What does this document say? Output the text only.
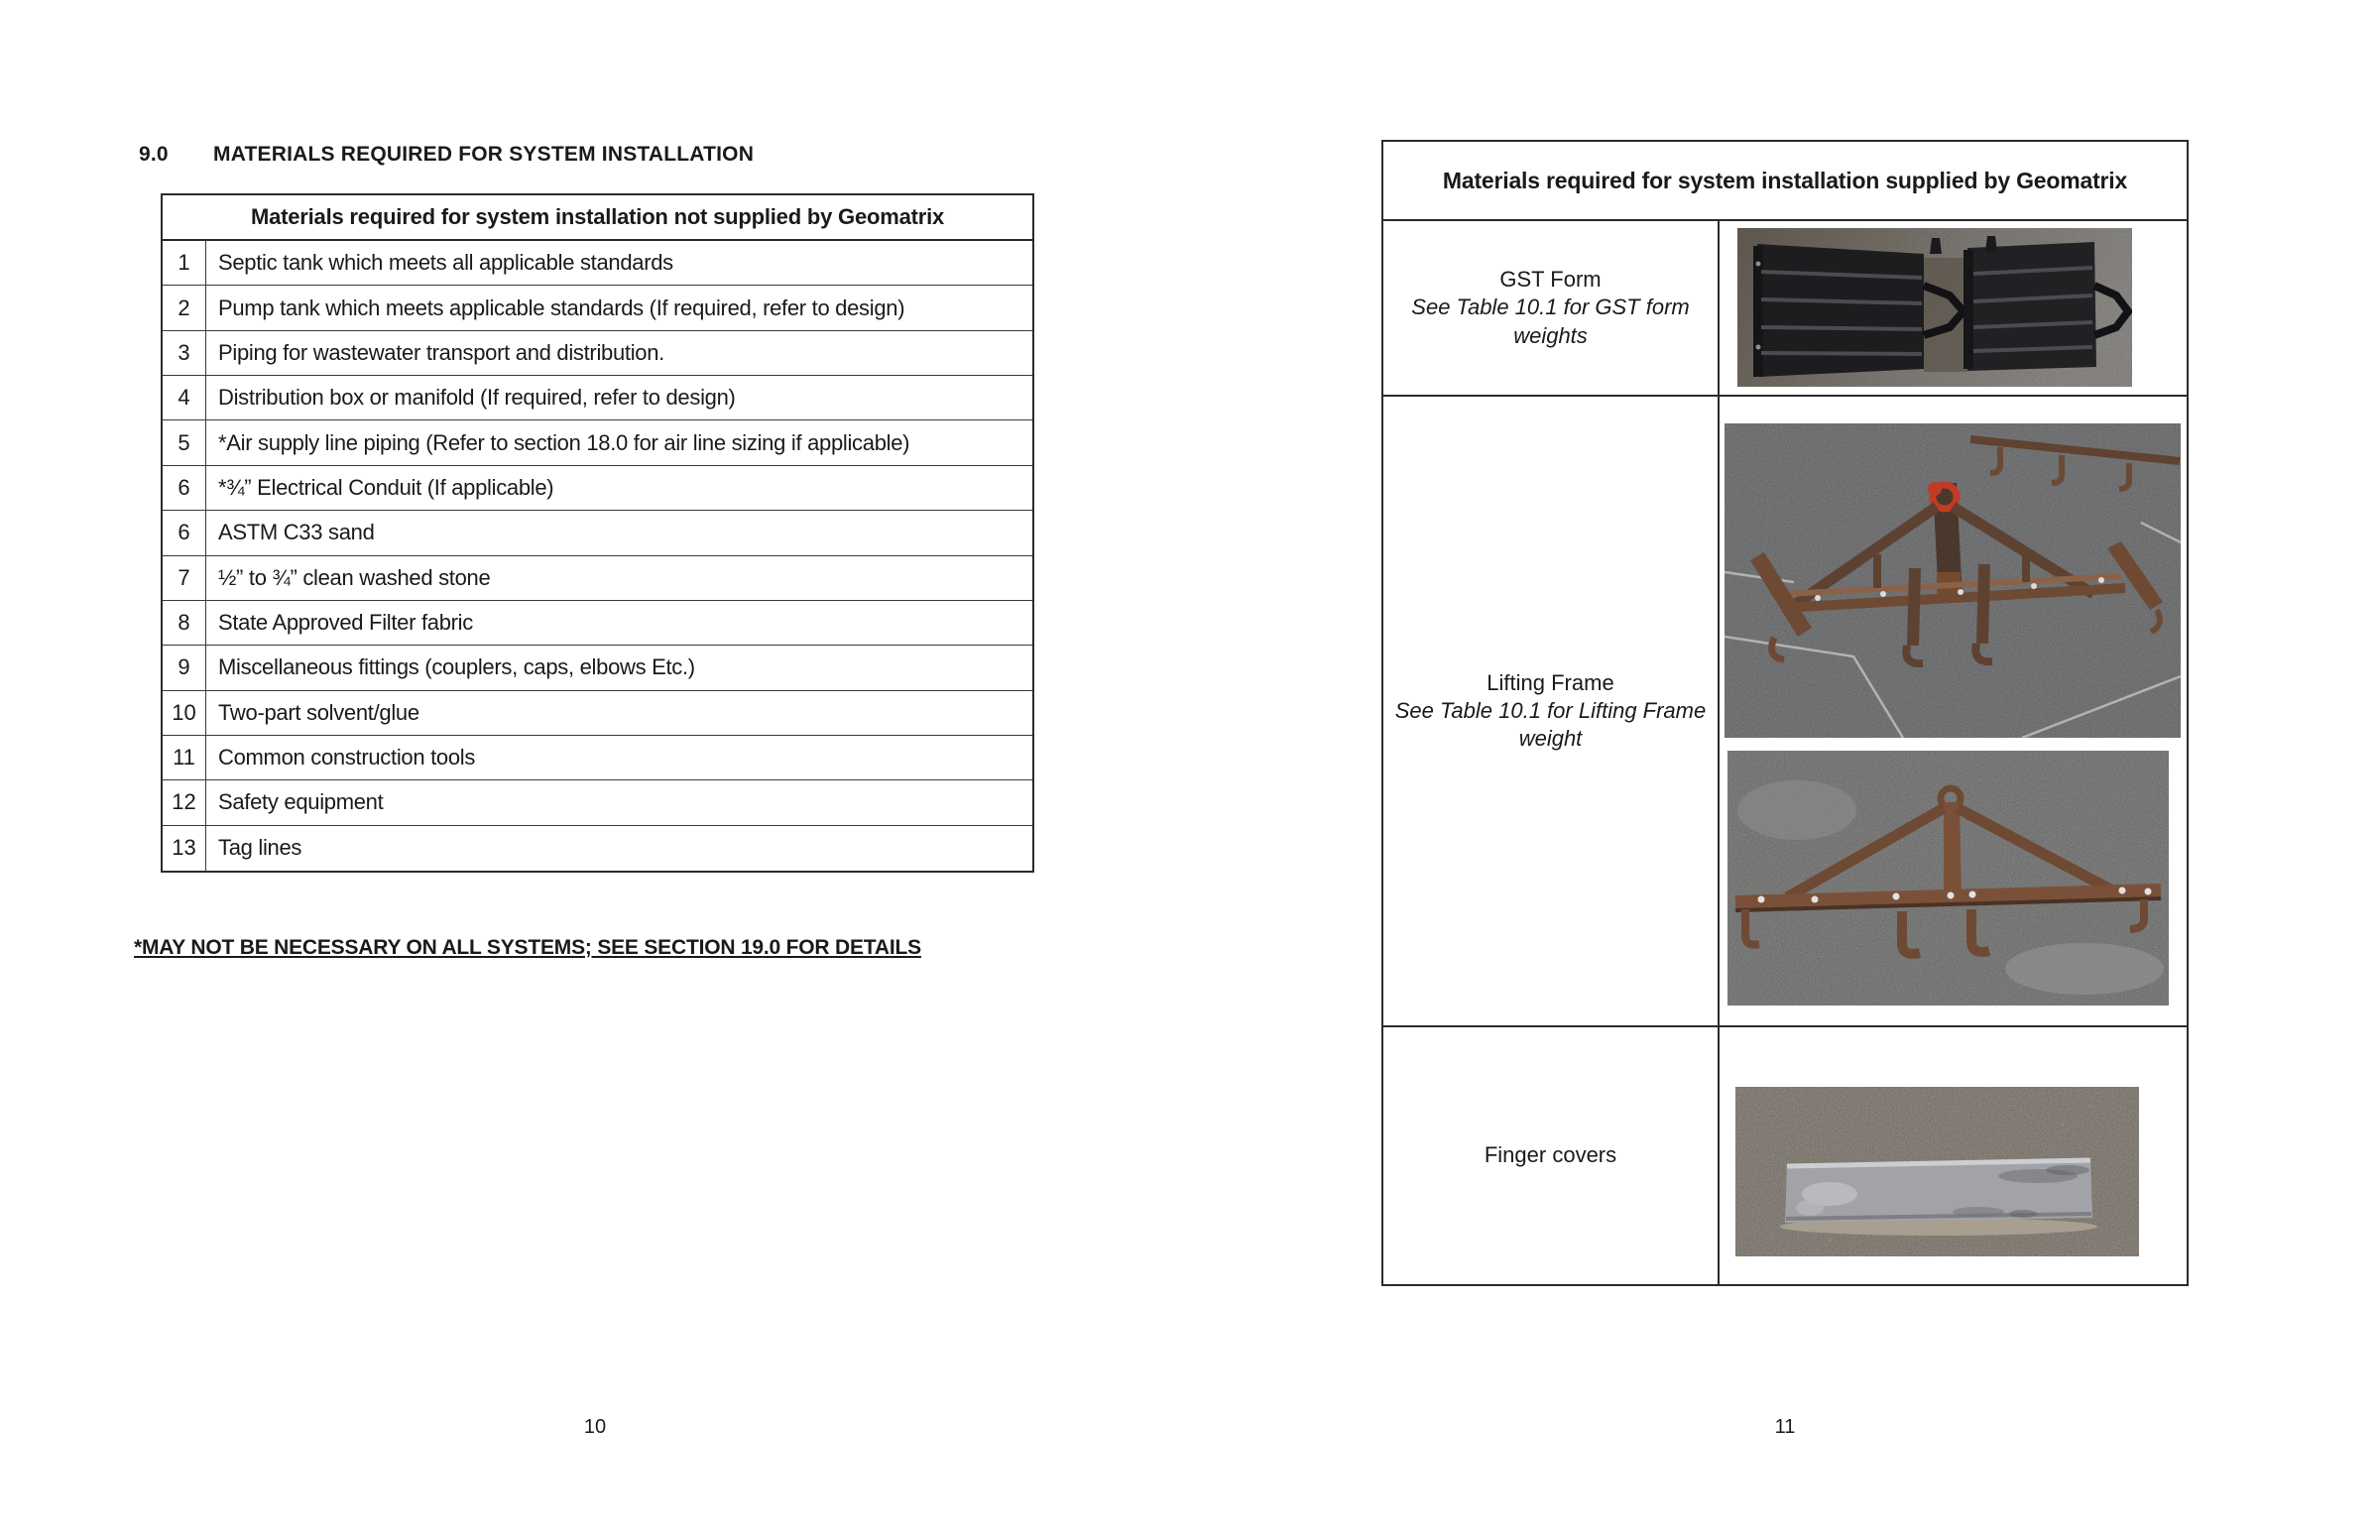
9.0 MATERIALS REQUIRED FOR SYSTEM INSTALLATION
Materials required for system installation not supplied by Geomatrix
1	Septic tank which meets all applicable standards
2	Pump tank which meets applicable standards (If required, refer to design)
3	Piping for wastewater transport and distribution.
4	Distribution box or manifold (If required, refer to design)
5	*Air supply line piping (Refer to section 18.0 for air line sizing if applicable)
6	*¾” Electrical Conduit (If applicable)
6	ASTM C33 sand
7	½” to ¾” clean washed stone
8	State Approved Filter fabric
9	Miscellaneous fittings (couplers, caps, elbows Etc.)
10	Two-part solvent/glue
11	Common construction tools
12	Safety equipment
13	Tag lines
*MAY NOT BE NECESSARY ON ALL SYSTEMS; SEE SECTION 19.0 FOR DETAILS
10
Materials required for system installation supplied by Geomatrix
GST Form
See Table 10.1 for GST form weights
Lifting Frame
See Table 10.1 for Lifting Frame weight
Finger covers
11
